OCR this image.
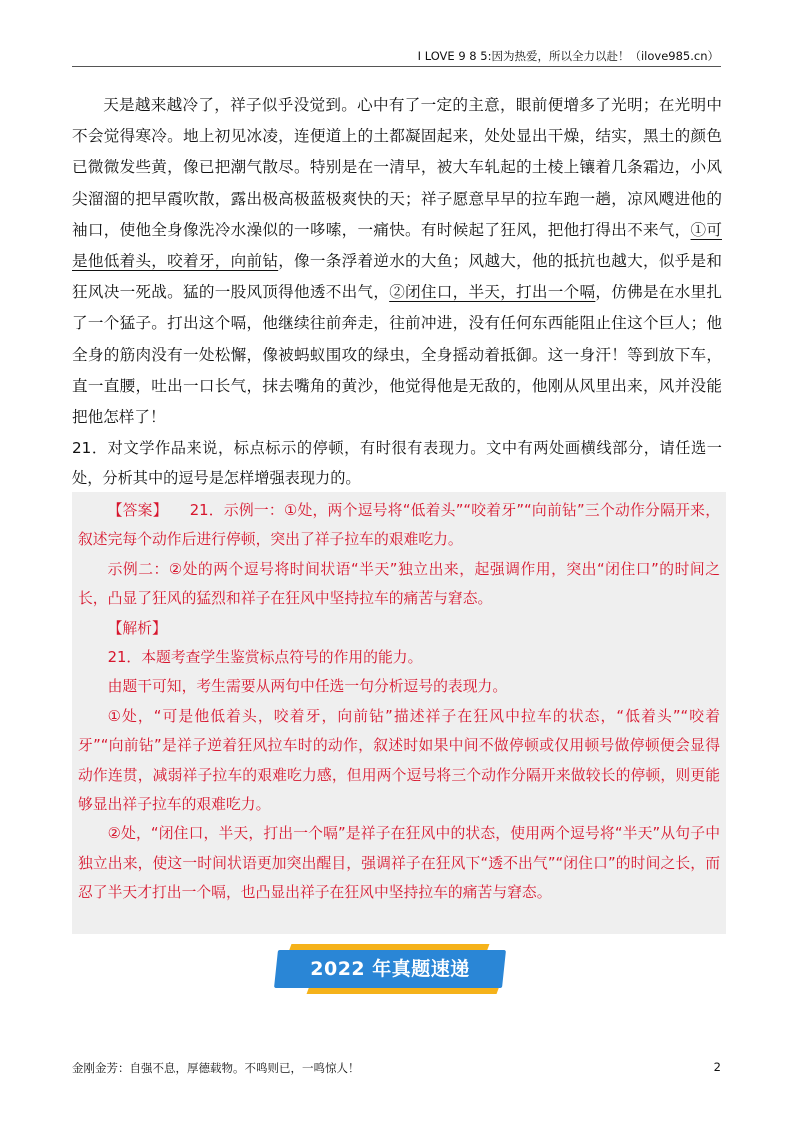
I LOVE 9 8 5:因为热爱，所以全力以赴！（ilove985.cn）
天是越来越冷了，祥子似乎没觉到。心中有了一定的主意，眼前便增多了光明；在光明中不会觉得寒冷。地上初见冰凌，连便道上的土都凝固起来，处处显出干燥，结实，黑土的颜色已微微发些黄，像已把潮气散尽。特别是在一清早，被大车轧起的土棱上镶着几条霜边，小风尖溜溜的把早霞吹散，露出极高极蓝极爽快的天；祥子愿意早早的拉车跑一趟，凉风飕进他的袖口，使他全身像洗冷水澡似的一哆嗦，一痛快。有时候起了狂风，把他打得出不来气，①可是他低着头，咬着牙，向前钻，像一条浮着逆水的大鱼；风越大，他的抵抗也越大，似乎是和狂风决一死战。猛的一股风顶得他透不出气，②闭住口，半天，打出一个嗝，仿佛是在水里扎了一个猛子。打出这个嗝，他继续往前奔走，往前冲进，没有任何东西能阻止住这个巨人；他全身的筋肉没有一处松懈，像被蚂蚁围攻的绿虫，全身摇动着抵御。这一身汗！等到放下车，直一直腰，吐出一口长气，抹去嘴角的黄沙，他觉得他是无敌的，他刚从风里出来，风并没能把他怎样了！
21．对文学作品来说，标点标示的停顿，有时很有表现力。文中有两处画横线部分，请任选一处，分析其中的逗号是怎样增强表现力的。

【答案】 21．示例一：①处，两个逗号将“低着头”“咬着牙”“向前钻”三个动作分隔开来，叙述完每个动作后进行停顿，突出了祥子拉车的艰难吃力。

示例二：②处的两个逗号将时间状语“半天”独立出来，起强调作用，突出“闭住口”的时间之长，凸显了狂风的猛烈和祥子在狂风中坚持拉车的痛苦与窘态。

【解析】

21．本题考查学生鉴赏标点符号的作用的能力。

由题干可知，考生需要从两句中任选一句分析逗号的表现力。

①处，“可是他低着头，咬着牙，向前钻”描述祥子在狂风中拉车的状态，“低着头”“咬着牙”“向前钻”是祥子逆着狂风拉车时的动作，叙述时如果中间不做停顿或仅用顿号做停顿便会显得动作连贯，减弱祥子拉车的艰难吃力感，但用两个逗号将三个动作分隔开来做较长的停顿，则更能够显出祥子拉车的艰难吃力。

②处，“闭住口，半天，打出一个嗝”是祥子在狂风中的状态，使用两个逗号将“半天”从句子中独立出来，使这一时间状语更加突出醒目，强调祥子在狂风下“透不出气”“闭住口”的时间之长，而忍了半天才打出一个嗝，也凸显出祥子在狂风中坚持拉车的痛苦与窘态。

2022 年真题速递
金刚金芳：自强不息，厚德载物。不鸣则已，一鸣惊人！	2
